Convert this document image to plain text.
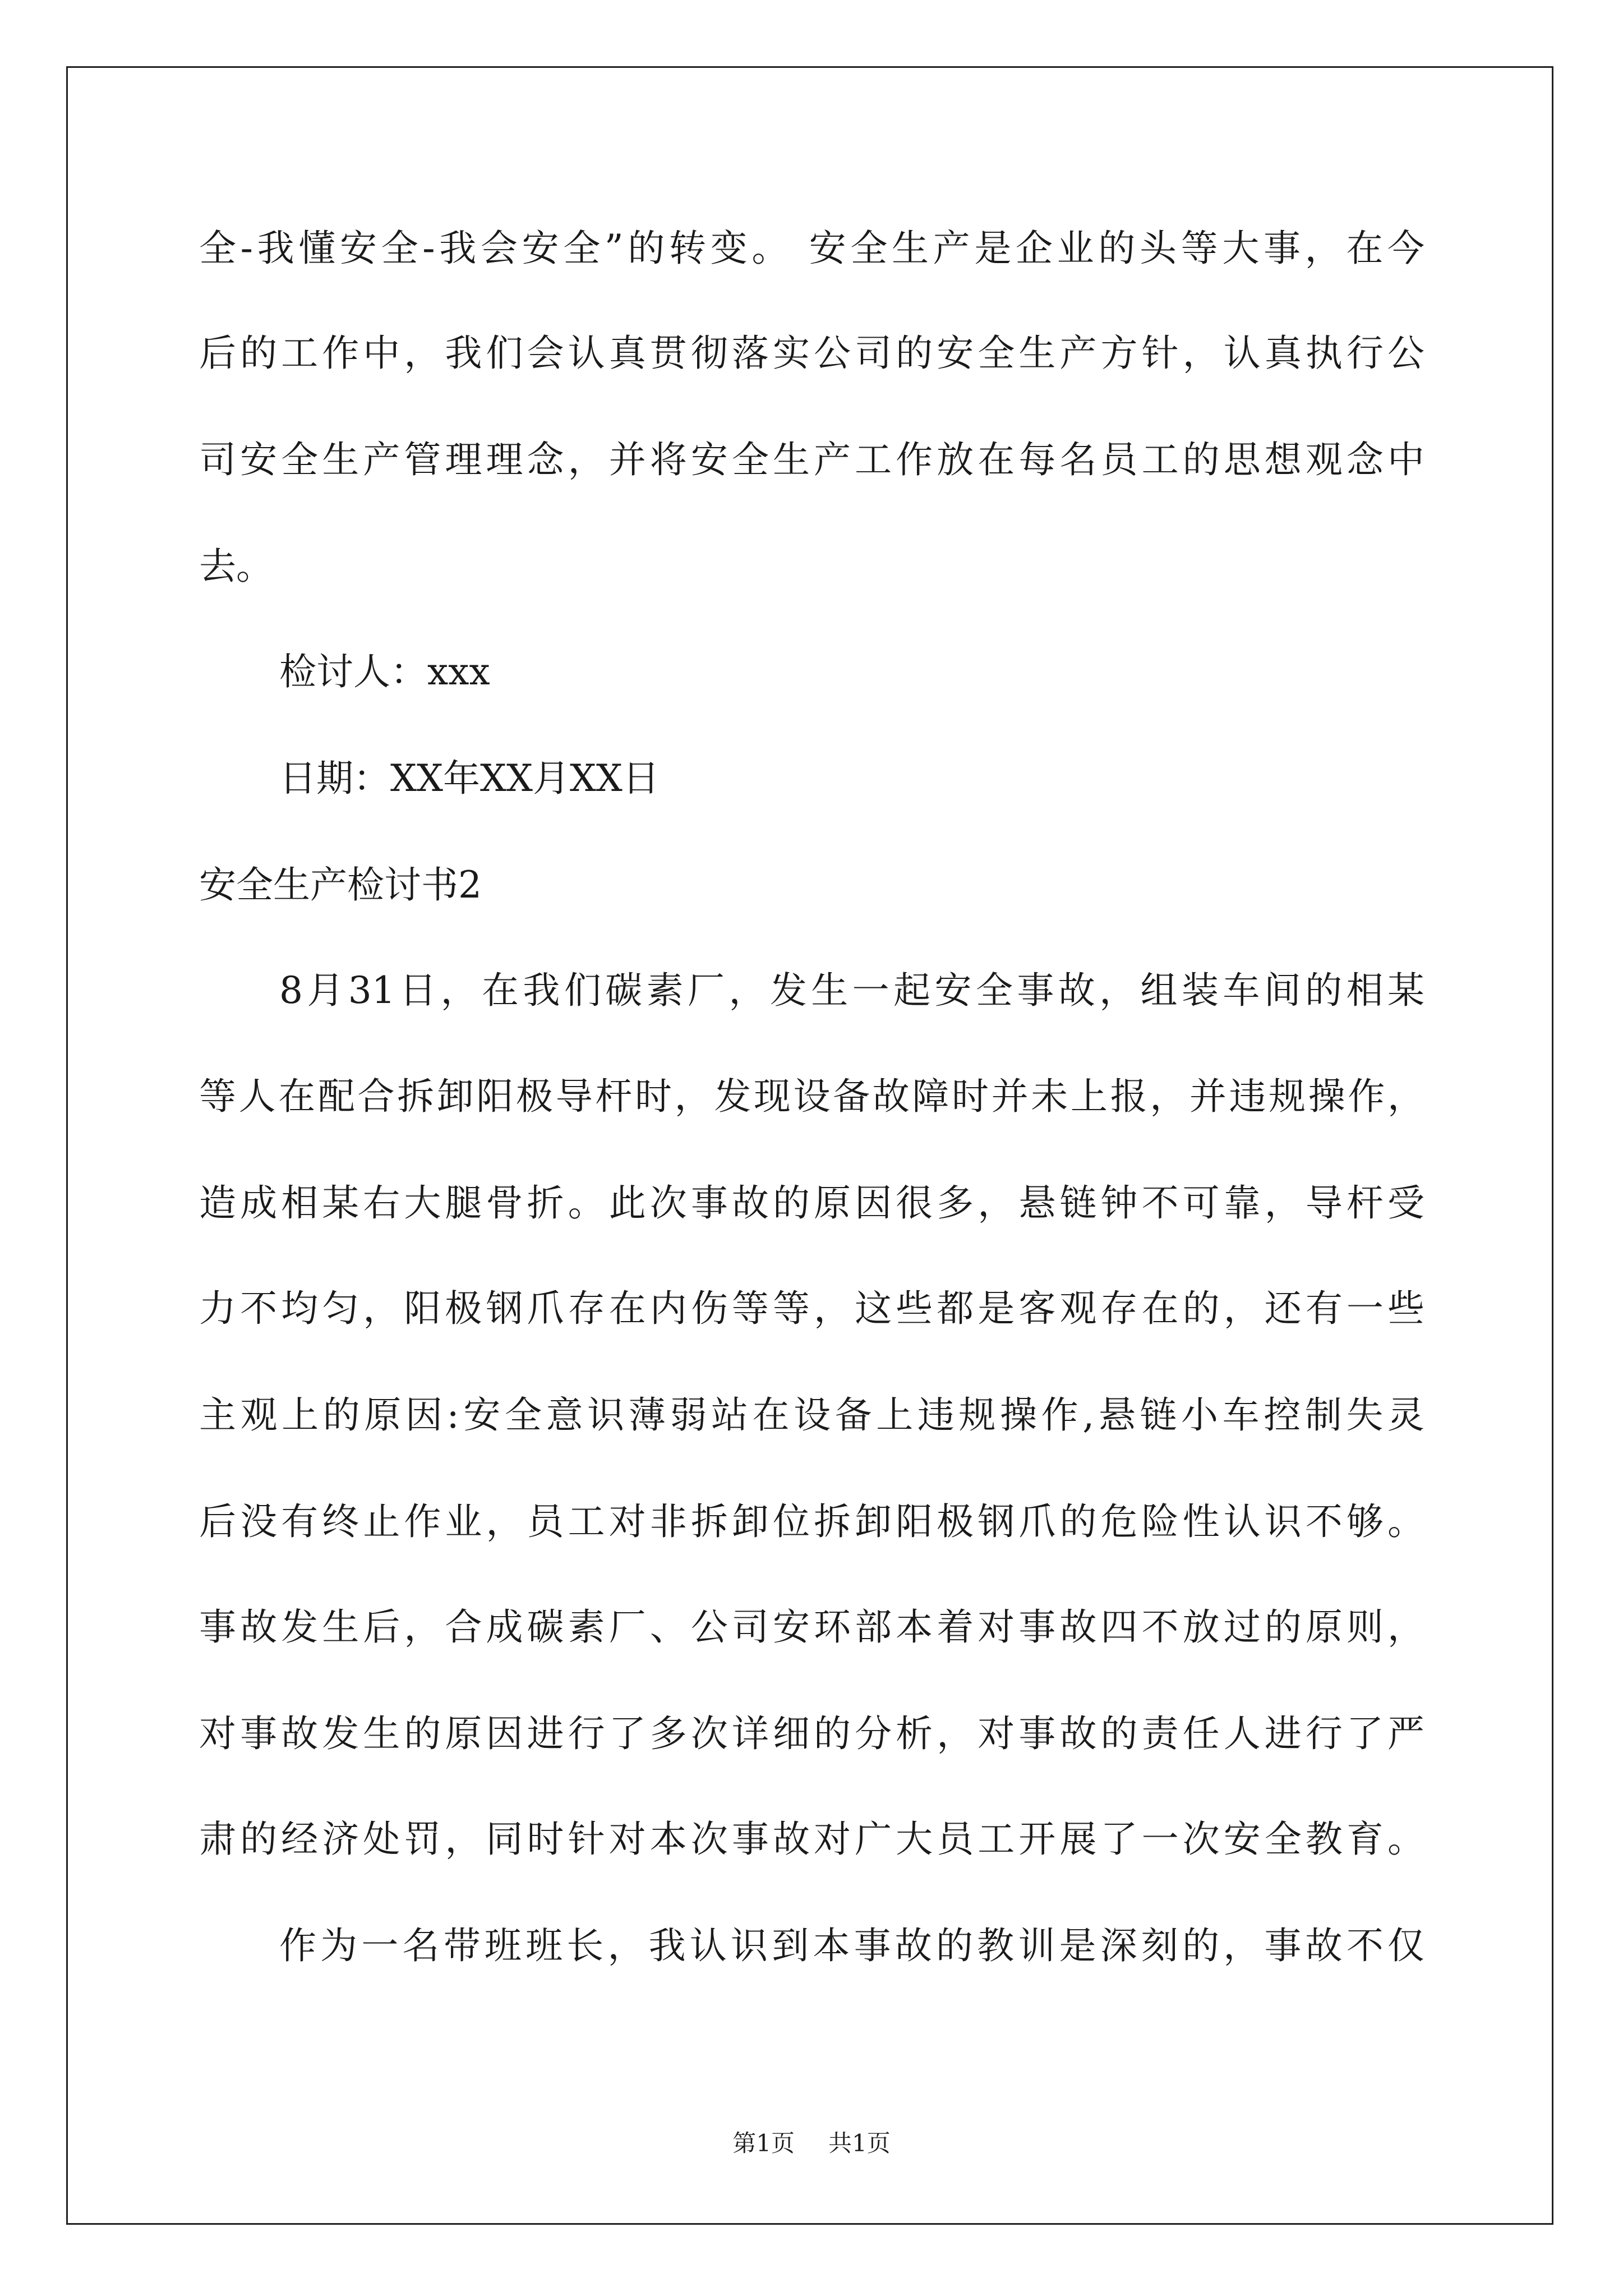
全-我懂安全-我会安全”的转变。 安全生产是企业的头等大事，在今
后的工作中，我们会认真贯彻落实公司的安全生产方针，认真执行公
司安全生产管理理念，并将安全生产工作放在每名员工的思想观念中
去。
检讨人：xxx
日期：XX年XX月XX日
安全生产检讨书2
8月31日，在我们碳素厂，发生一起安全事故，组装车间的相某
等人在配合拆卸阳极导杆时，发现设备故障时并未上报，并违规操作，
造成相某右大腿骨折。此次事故的原因很多，悬链钟不可靠，导杆受
力不均匀，阳极钢爪存在内伤等等，这些都是客观存在的，还有一些
主观上的原因:安全意识薄弱站在设备上违规操作,悬链小车控制失灵
后没有终止作业，员工对非拆卸位拆卸阳极钢爪的危险性认识不够。
事故发生后，合成碳素厂、公司安环部本着对事故四不放过的原则，
对事故发生的原因进行了多次详细的分析，对事故的责任人进行了严
肃的经济处罚，同时针对本次事故对广大员工开展了一次安全教育。
作为一名带班班长，我认识到本事故的教训是深刻的，事故不仅
第1页 共1页
